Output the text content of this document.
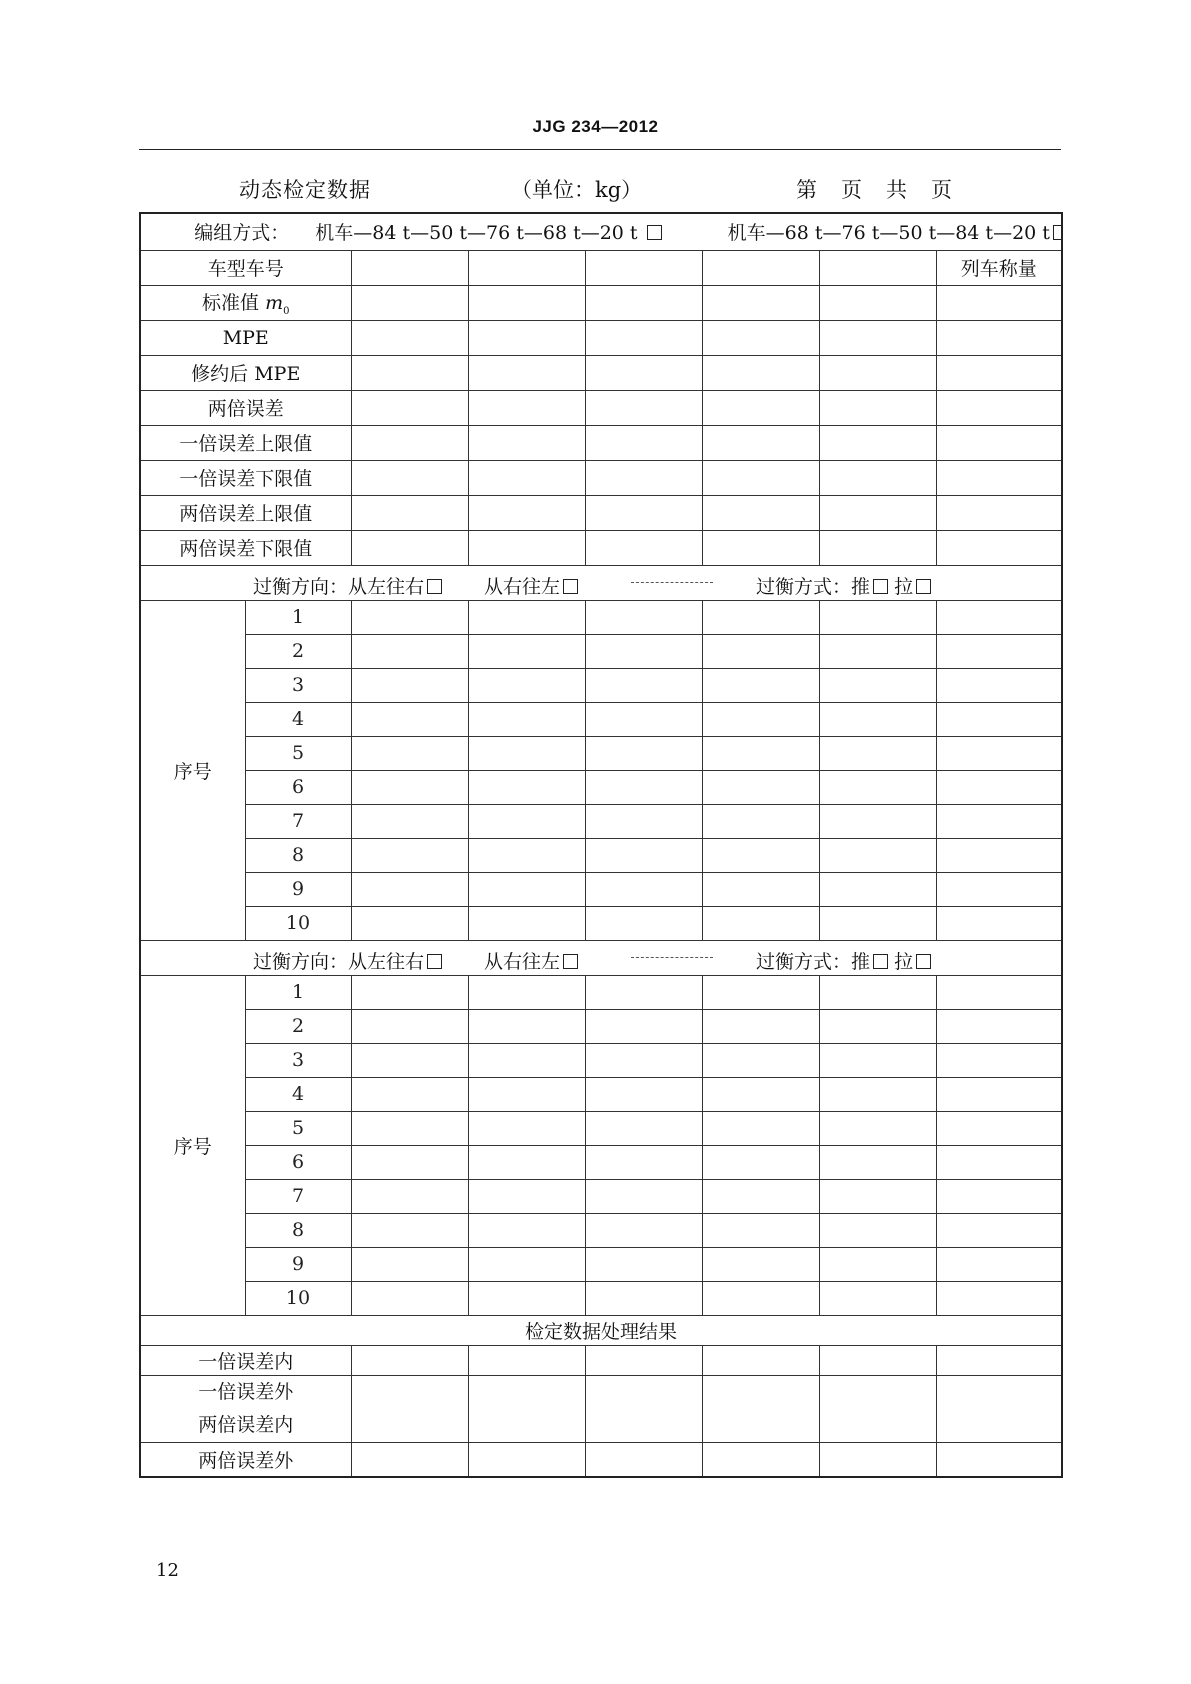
JJG 234—2012
动态检定数据	（单位：kg）	第 页 共 页
编组方式： 机车—84 t—50 t—76 t—68 t—20 t 机车—68 t—76 t—50 t—84 t—20 t							
车型车号							列车称量
标准值 $m_0$						
MPE							
修约后 MPE							
两倍误差							
一倍误差上限值							
一倍误差下限值							
两倍误差上限值							
两倍误差下限值							

过衡方向：从左往右 从右往左 过衡方式：推 拉							

序号	1						
	2						
	3						
	4						
	5						
	6						
	7						
	8						
	9						
	10						

过衡方向：从左往右 从右往左 过衡方式：推 拉							

序号	1						
	2						
	3						
	4						
	5						
	6						
	7						
	8						
	9						
	10						
检定数据处理结果							
一倍误差内							

一倍误差外
两倍误差内							

两倍误差外							
12
